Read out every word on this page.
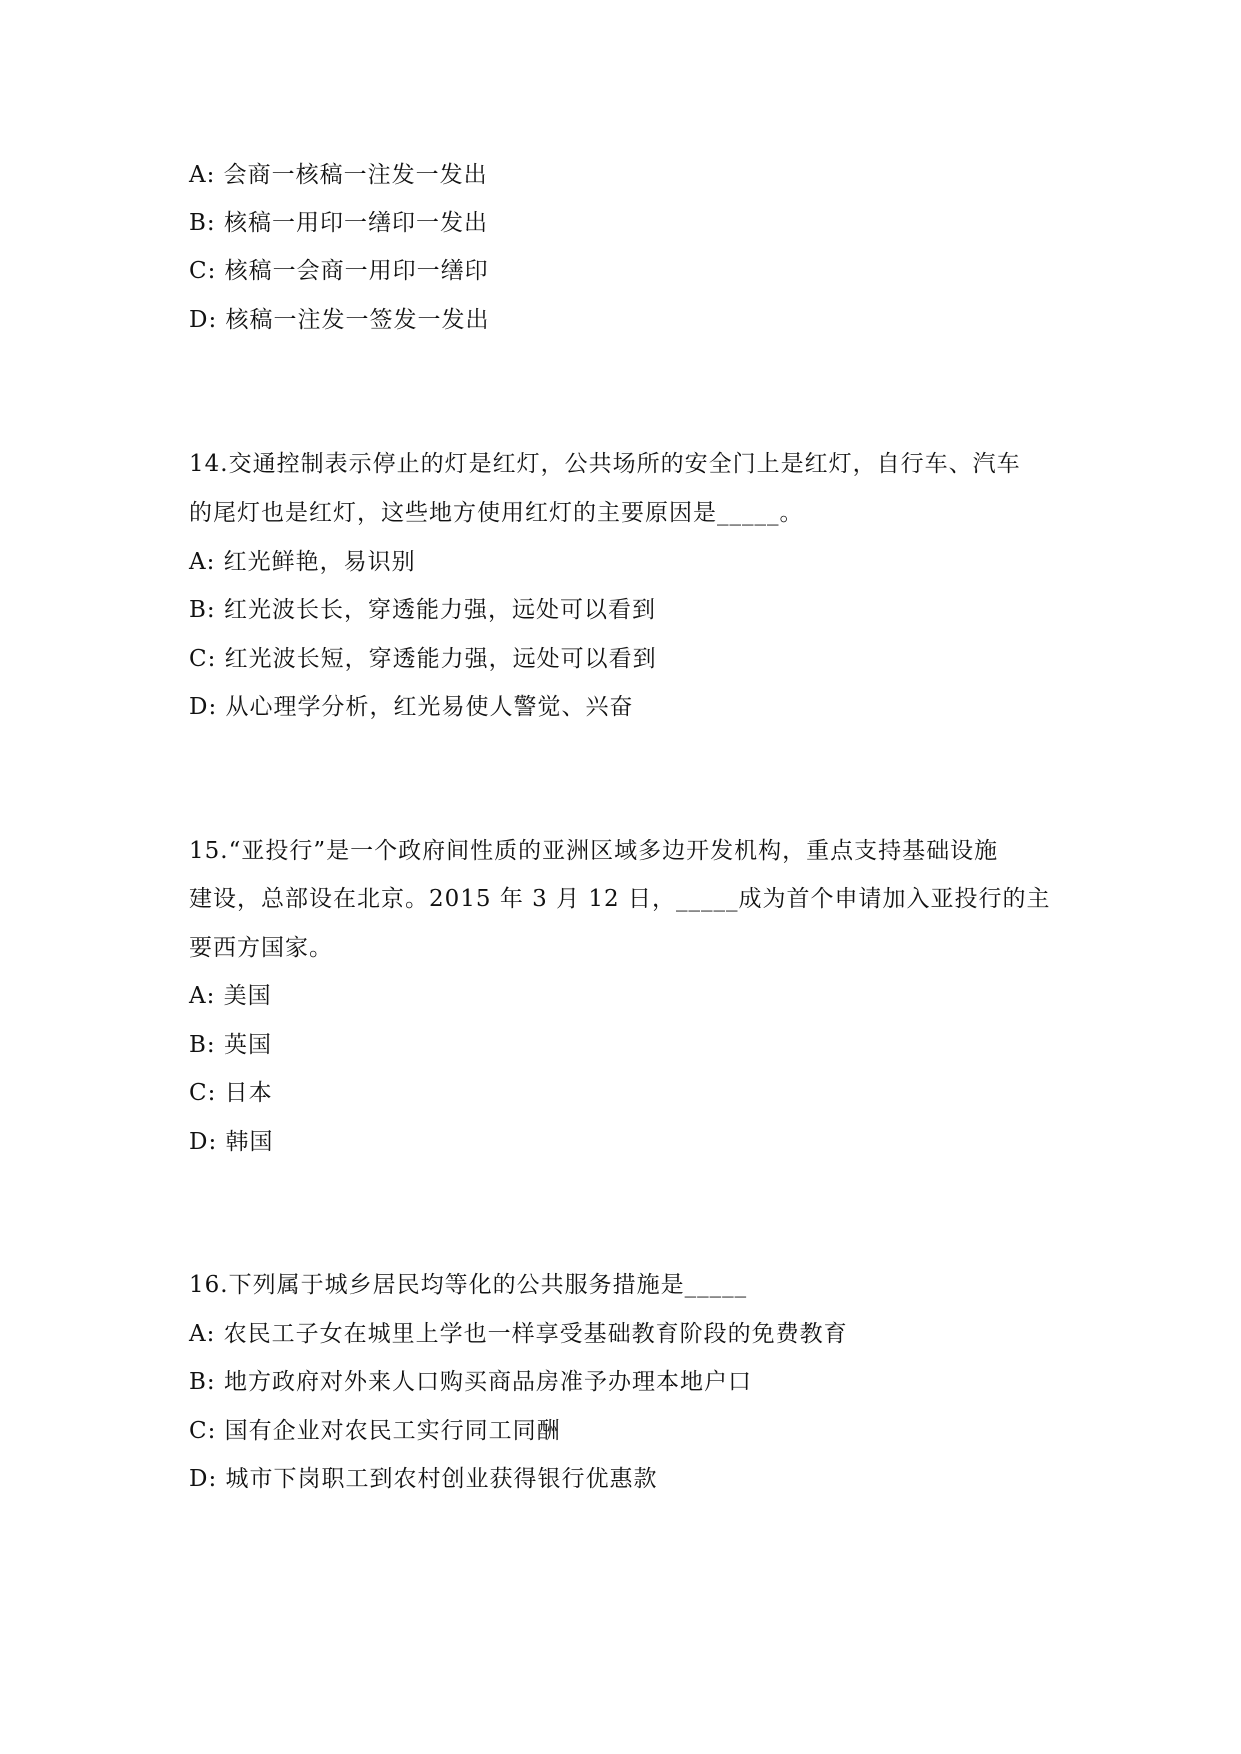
A: 会商一核稿一注发一发出
B: 核稿一用印一缮印一发出
C: 核稿一会商一用印一缮印
D: 核稿一注发一签发一发出
14.交通控制表示停止的灯是红灯，公共场所的安全门上是红灯，自行车、汽车
的尾灯也是红灯，这些地方使用红灯的主要原因是_____。
A: 红光鲜艳，易识别
B: 红光波长长，穿透能力强，远处可以看到
C: 红光波长短，穿透能力强，远处可以看到
D: 从心理学分析，红光易使人警觉、兴奋
15.“亚投行”是一个政府间性质的亚洲区域多边开发机构，重点支持基础设施
建设，总部设在北京。2015 年 3 月 12 日，_____成为首个申请加入亚投行的主
要西方国家。
A: 美国
B: 英国
C: 日本
D: 韩国
16.下列属于城乡居民均等化的公共服务措施是_____
A: 农民工子女在城里上学也一样享受基础教育阶段的免费教育
B: 地方政府对外来人口购买商品房准予办理本地户口
C: 国有企业对农民工实行同工同酬
D: 城市下岗职工到农村创业获得银行优惠款
